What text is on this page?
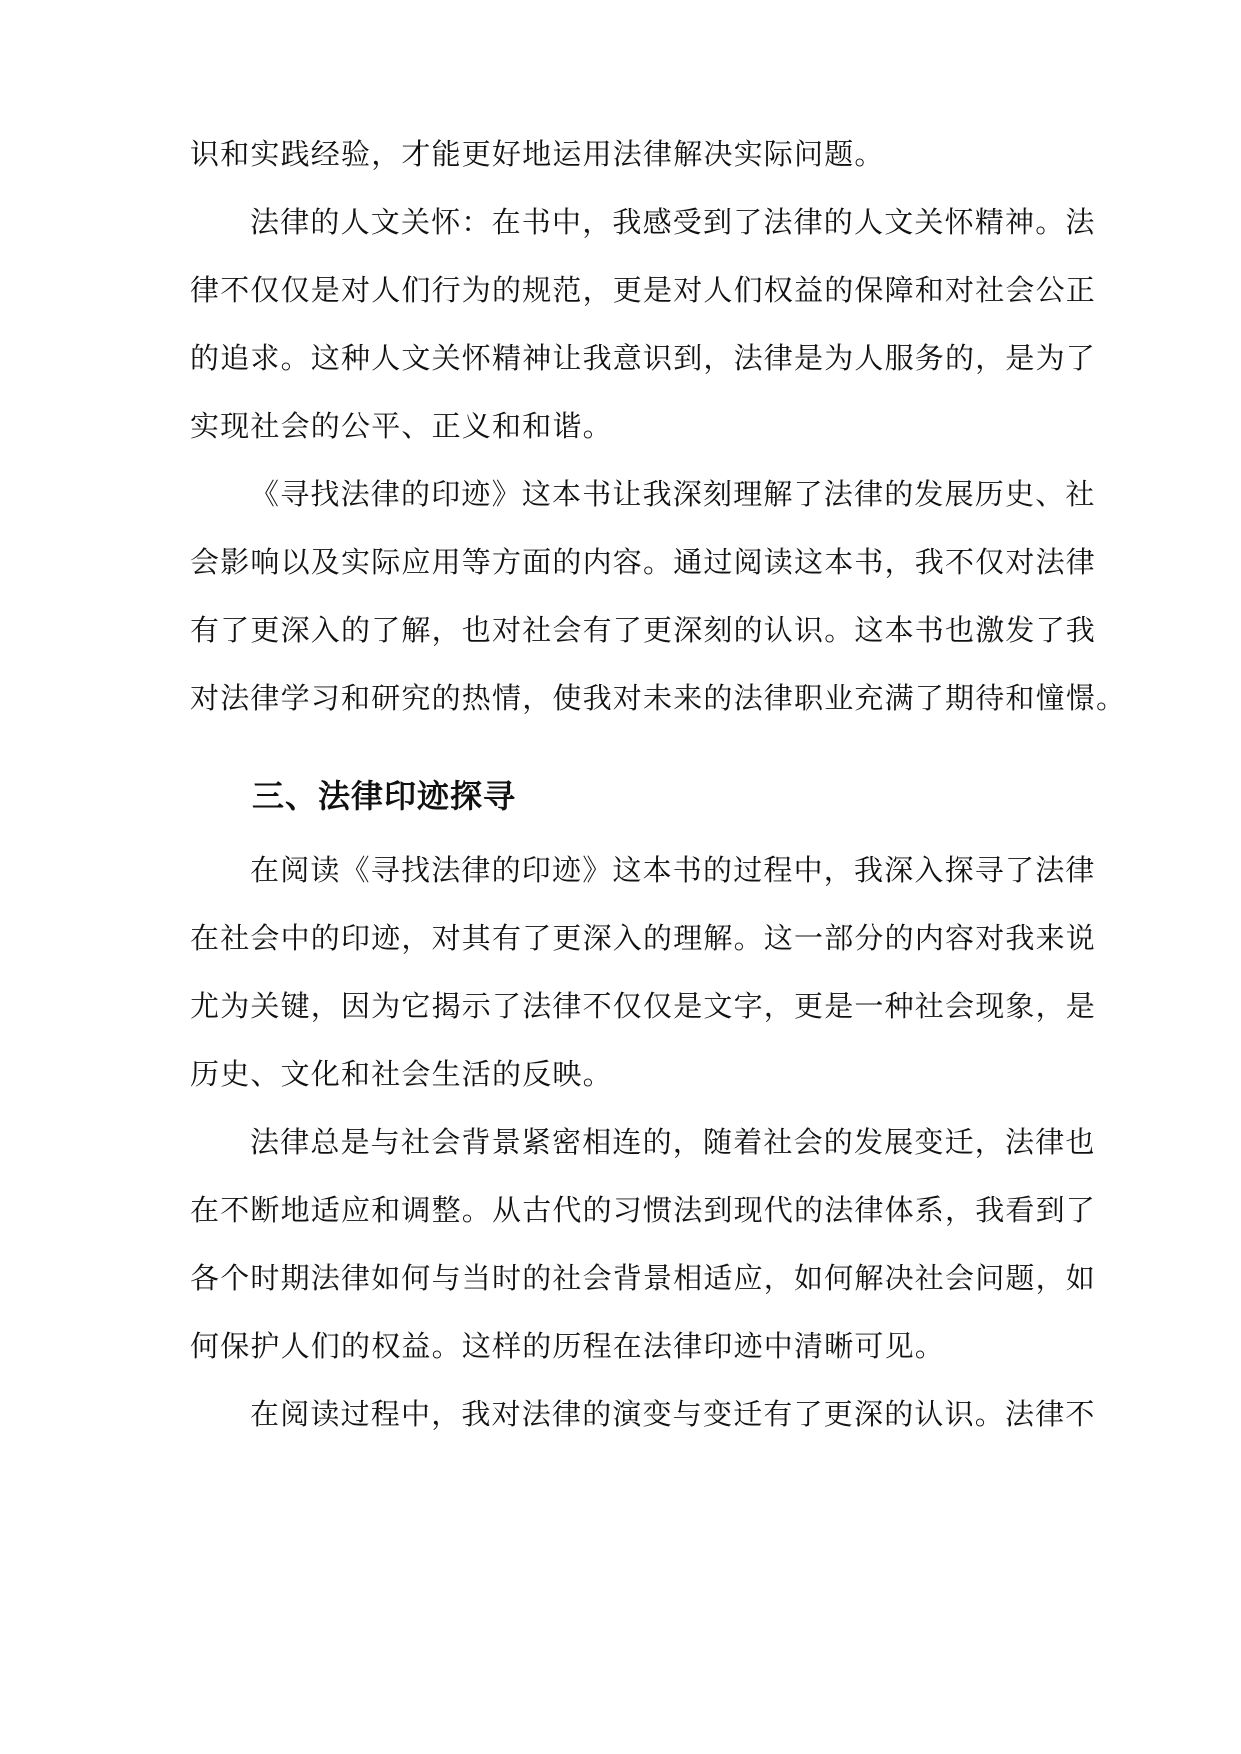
识和实践经验，才能更好地运用法律解决实际问题。
法律的人文关怀：在书中，我感受到了法律的人文关怀精神。法
律不仅仅是对人们行为的规范，更是对人们权益的保障和对社会公正
的追求。这种人文关怀精神让我意识到，法律是为人服务的，是为了
实现社会的公平、正义和和谐。
《寻找法律的印迹》这本书让我深刻理解了法律的发展历史、社
会影响以及实际应用等方面的内容。通过阅读这本书，我不仅对法律
有了更深入的了解，也对社会有了更深刻的认识。这本书也激发了我
对法律学习和研究的热情，使我对未来的法律职业充满了期待和憧憬。
三、法律印迹探寻
在阅读《寻找法律的印迹》这本书的过程中，我深入探寻了法律
在社会中的印迹，对其有了更深入的理解。这一部分的内容对我来说
尤为关键，因为它揭示了法律不仅仅是文字，更是一种社会现象，是
历史、文化和社会生活的反映。
法律总是与社会背景紧密相连的，随着社会的发展变迁，法律也
在不断地适应和调整。从古代的习惯法到现代的法律体系，我看到了
各个时期法律如何与当时的社会背景相适应，如何解决社会问题，如
何保护人们的权益。这样的历程在法律印迹中清晰可见。
在阅读过程中，我对法律的演变与变迁有了更深的认识。法律不
